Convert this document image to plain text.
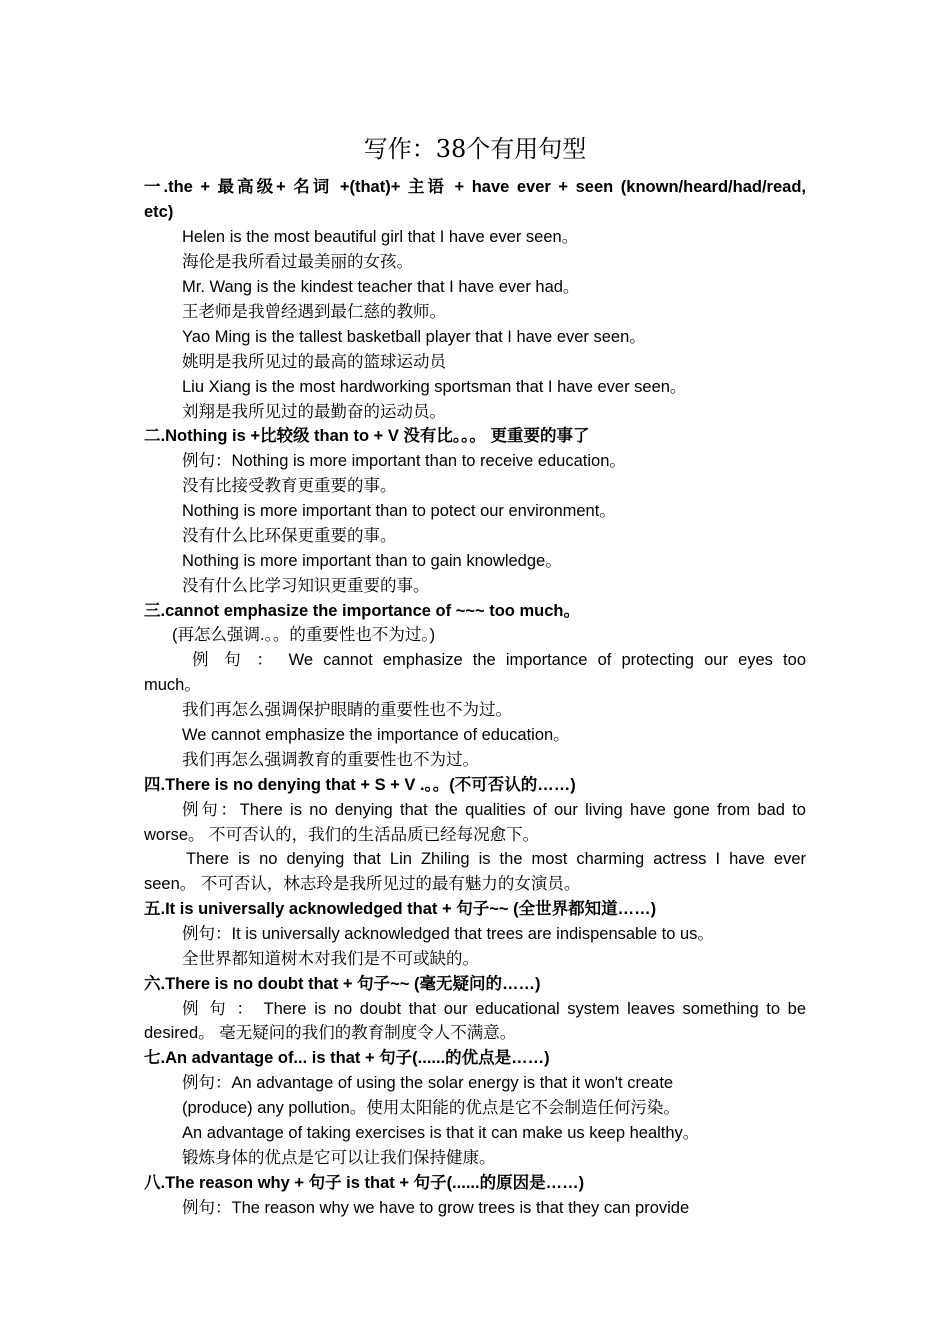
写作：38个有用句型
一.the + 最高级+ 名词 +(that)+ 主语 + have ever + seen (known/heard/had/read,
etc)
Helen is the most beautiful girl that I have ever seen。
海伦是我所看过最美丽的女孩。
Mr. Wang is the kindest teacher that I have ever had。
王老师是我曾经遇到最仁慈的教师。
Yao Ming is the tallest basketball player that I have ever seen。
姚明是我所见过的最高的篮球运动员
Liu Xiang is the most hardworking sportsman that I have ever seen。
刘翔是我所见过的最勤奋的运动员。
二.Nothing is +比较级 than to + V 没有比。。。 更重要的事了
例句：Nothing is more important than to receive education。
没有比接受教育更重要的事。
Nothing is more important than to potect our environment。
没有什么比环保更重要的事。
Nothing is more important than to gain knowledge。
没有什么比学习知识更重要的事。
三.cannot emphasize the importance of ~~~ too much。
(再怎么强调.。。的重要性也不为过。)
例 句 ： We cannot emphasize the importance of protecting our eyes too
much。
我们再怎么强调保护眼睛的重要性也不为过。
We cannot emphasize the importance of education。
我们再怎么强调教育的重要性也不为过。
四.There is no denying that + S + V .。。(不可否认的……)
例句：There is no denying that the qualities of our living have gone from bad to
worse。 不可否认的，我们的生活品质已经每况愈下。
There is no denying that Lin Zhiling is the most charming actress I have ever
seen。 不可否认，林志玲是我所见过的最有魅力的女演员。
五.It is universally acknowledged that + 句子~~ (全世界都知道……)
例句：It is universally acknowledged that trees are indispensable to us。
全世界都知道树木对我们是不可或缺的。
六.There is no doubt that + 句子~~ (毫无疑问的……)
例 句 ： There is no doubt that our educational system leaves something to be
desired。 毫无疑问的我们的教育制度令人不满意。
七.An advantage of... is that + 句子(......的优点是……)
例句：An advantage of using the solar energy is that it won't create
(produce) any pollution。使用太阳能的优点是它不会制造任何污染。
An advantage of taking exercises is that it can make us keep healthy。
锻炼身体的优点是它可以让我们保持健康。
八.The reason why + 句子 is that + 句子(......的原因是……)
例句：The reason why we have to grow trees is that they can provide
